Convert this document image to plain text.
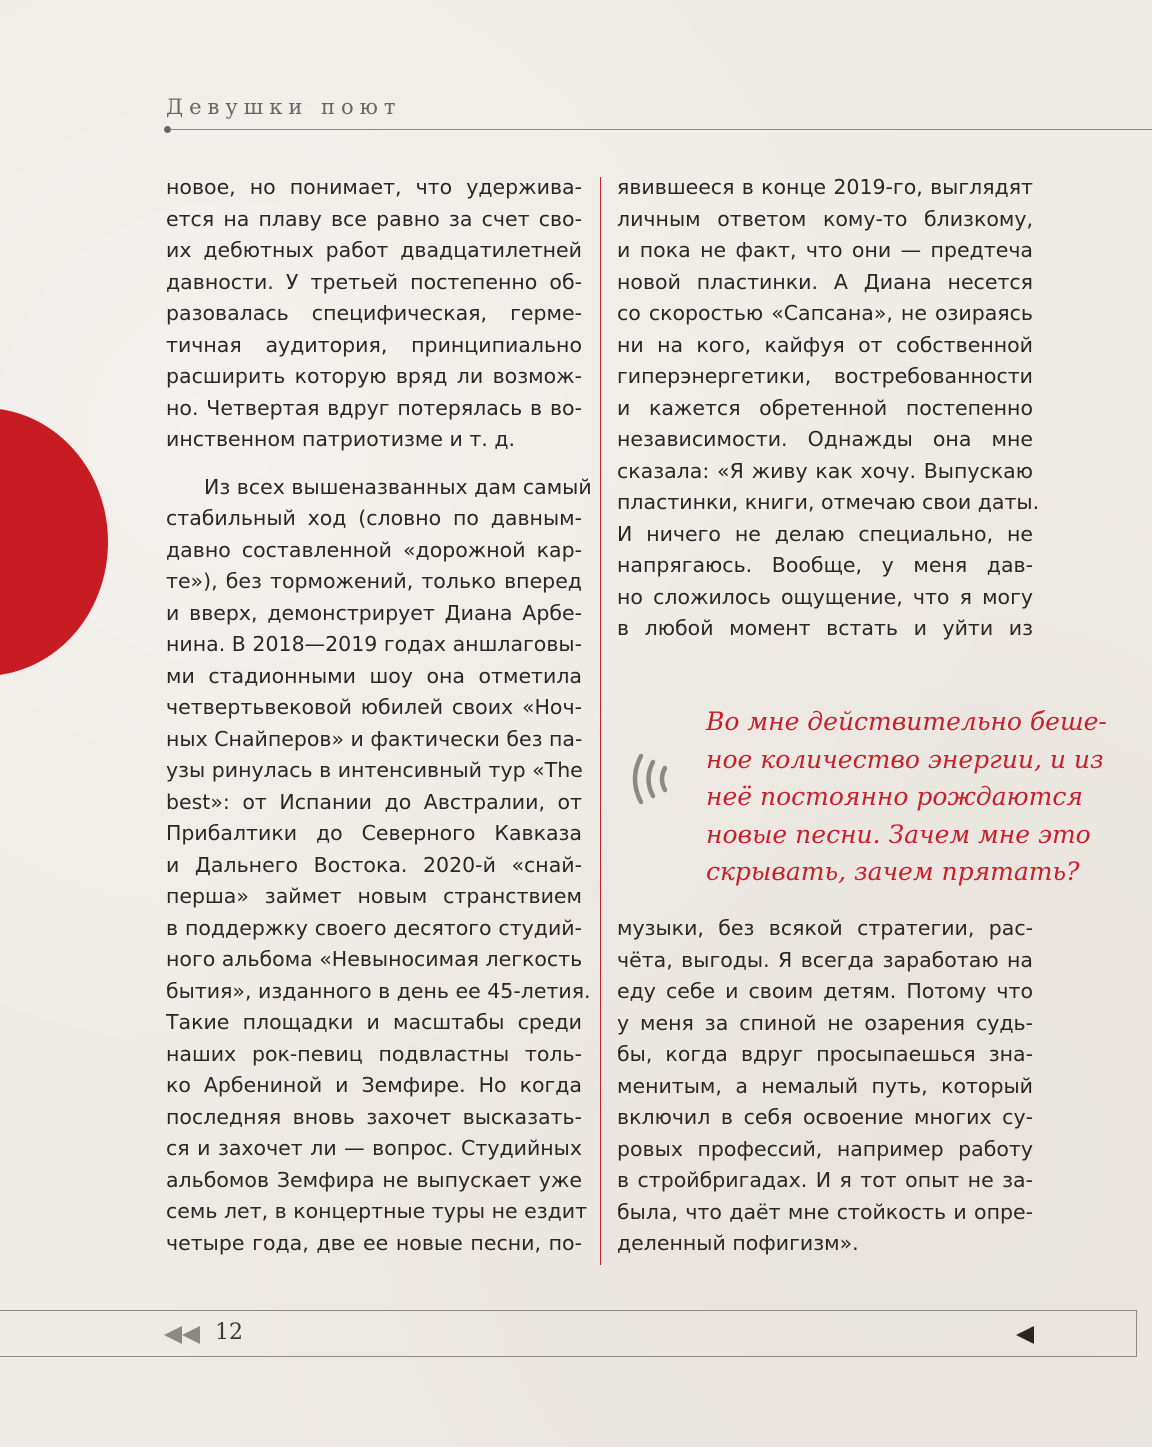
Девушки поют
новое, но понимает, что удержива-
ется на плаву все равно за счет сво-
их дебютных работ двадцатилетней
давности. У третьей постепенно об-
разовалась специфическая, герме-
тичная аудитория, принципиально
расширить которую вряд ли возмож-
но. Четвертая вдруг потерялась в во-
инственном патриотизме и т. д.
Из всех вышеназванных дам самый
стабильный ход (словно по давным-
давно составленной «дорожной кар-
те»), без торможений, только вперед
и вверх, демонстрирует Диана Арбе-
нина. В 2018—2019 годах аншлаговы-
ми стадионными шоу она отметила
четвертьвековой юбилей своих «Ноч-
ных Снайперов» и фактически без па-
узы ринулась в интенсивный тур «The
best»: от Испании до Австралии, от
Прибалтики до Северного Кавказа
и Дальнего Востока. 2020-й «снай-
перша» займет новым странствием
в поддержку своего десятого студий-
ного альбома «Невыносимая легкость
бытия», изданного в день ее 45-летия.
Такие площадки и масштабы среди
наших рок-певиц подвластны толь-
ко Арбениной и Земфире. Но когда
последняя вновь захочет высказать-
ся и захочет ли — вопрос. Студийных
альбомов Земфира не выпускает уже
семь лет, в концертные туры не ездит
четыре года, две ее новые песни, по-
явившееся в конце 2019-го, выглядят
личным ответом кому-то близкому,
и пока не факт, что они — предтеча
новой пластинки. А Диана несется
со скоростью «Сапсана», не озираясь
ни на кого, кайфуя от собственной
гиперэнергетики, востребованности
и кажется обретенной постепенно
независимости. Однажды она мне
сказала: «Я живу как хочу. Выпускаю
пластинки, книги, отмечаю свои даты.
И ничего не делаю специально, не
напрягаюсь. Вообще, у меня дав-
но сложилось ощущение, что я могу
в любой момент встать и уйти из
Во мне действительно беше-
ное количество энергии, и из
неё постоянно рождаются
новые песни. Зачем мне это
скрывать, зачем прятать?
музыки, без всякой стратегии, рас-
чёта, выгоды. Я всегда заработаю на
еду себе и своим детям. Потому что
у меня за спиной не озарения судь-
бы, когда вдруг просыпаешься зна-
менитым, а немалый путь, который
включил в себя освоение многих су-
ровых профессий, например работу
в стройбригадах. И я тот опыт не за-
была, что даёт мне стойкость и опре-
деленный пофигизм».
12
